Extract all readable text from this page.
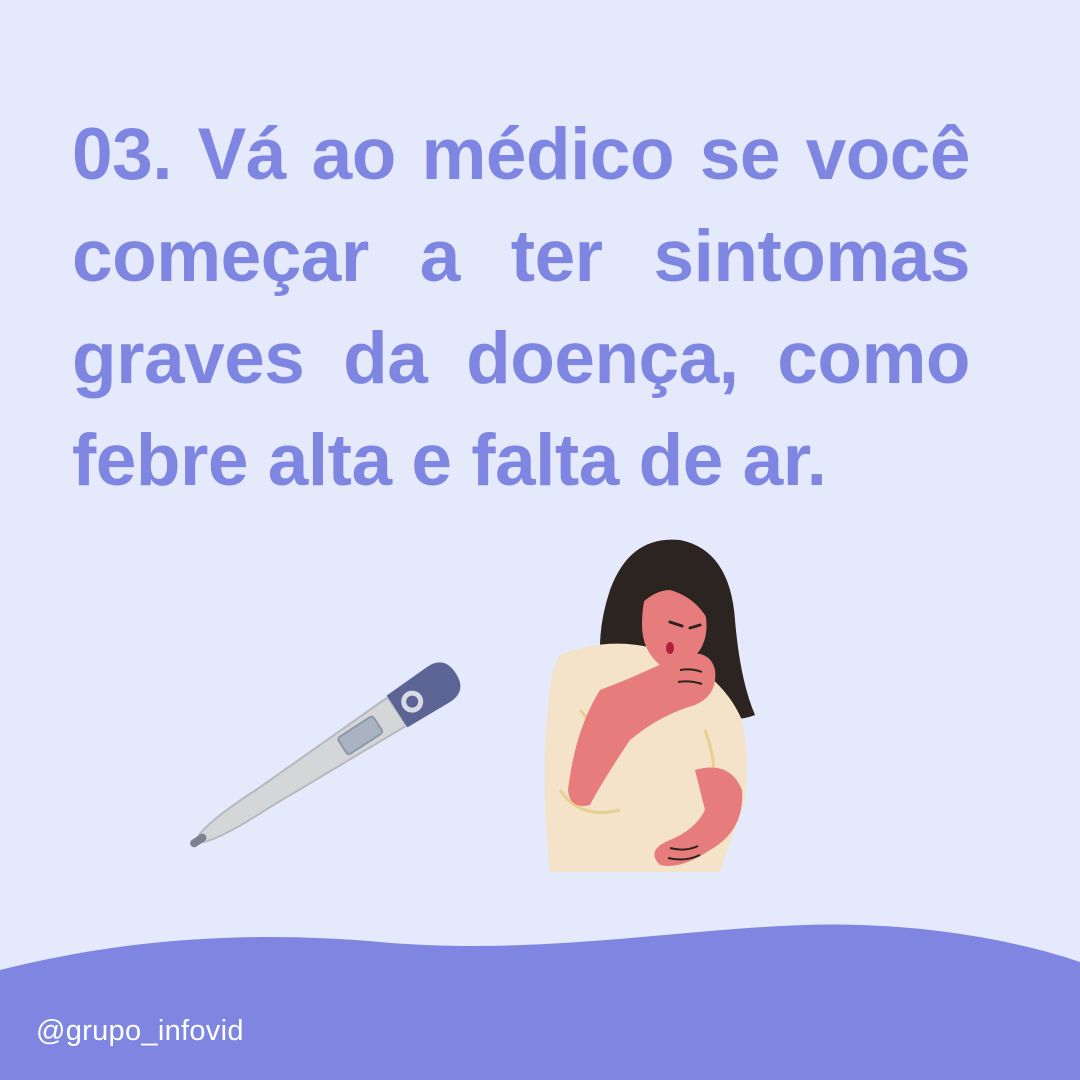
03. Vá ao médico se você começar a ter sintomas graves da doença, como febre alta e falta de ar.

@grupo_infovid
